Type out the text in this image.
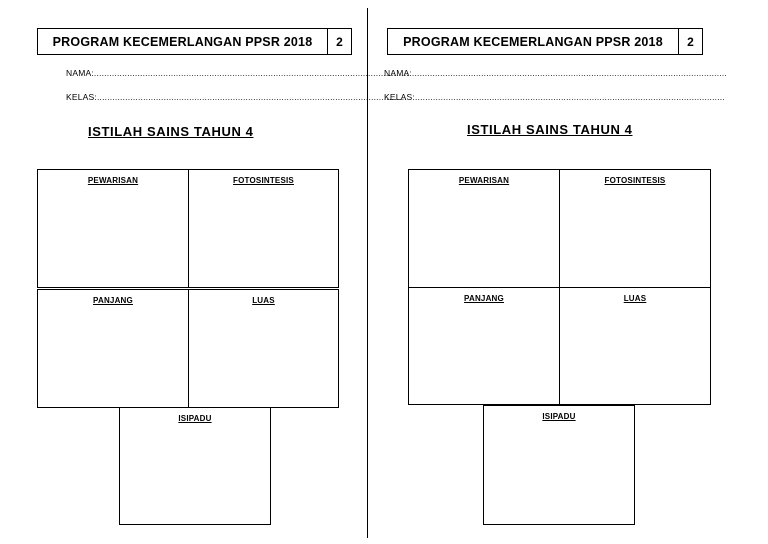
PROGRAM KECEMERLANGAN PPSR 2018 2
NAMA:...........................................................................................................................
KELAS:.........................................................................................................................
ISTILAH SAINS TAHUN 4
PEWARISAN	FOTOSINTESIS
PANJANG	LUAS
ISIPADU
PROGRAM KECEMERLANGAN PPSR 2018 2
NAMA:...........................................................................................................................
KELAS:.........................................................................................................................
ISTILAH SAINS TAHUN 4
PEWARISAN	FOTOSINTESIS
PANJANG	LUAS
ISIPADU
